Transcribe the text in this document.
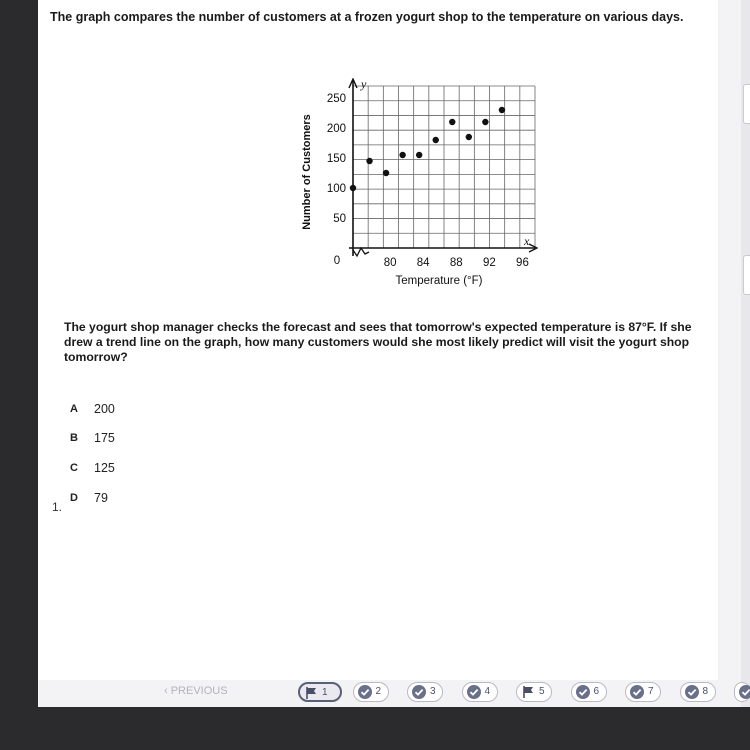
The graph compares the number of customers at a frozen yogurt shop to the temperature on various days.

y
x
50
100
150
200
250
80 84 88 92 96
0
Temperature (°F)
Number of Customers

The yogurt shop manager checks the forecast and sees that tomorrow's expected temperature is 87°F. If she drew a trend line on the graph, how many customers would she most likely predict will visit the yogurt shop tomorrow?

A 200
B 175
C 125
D 79
1.
‹ PREVIOUS	1	2	3	4	5	6	7	8
